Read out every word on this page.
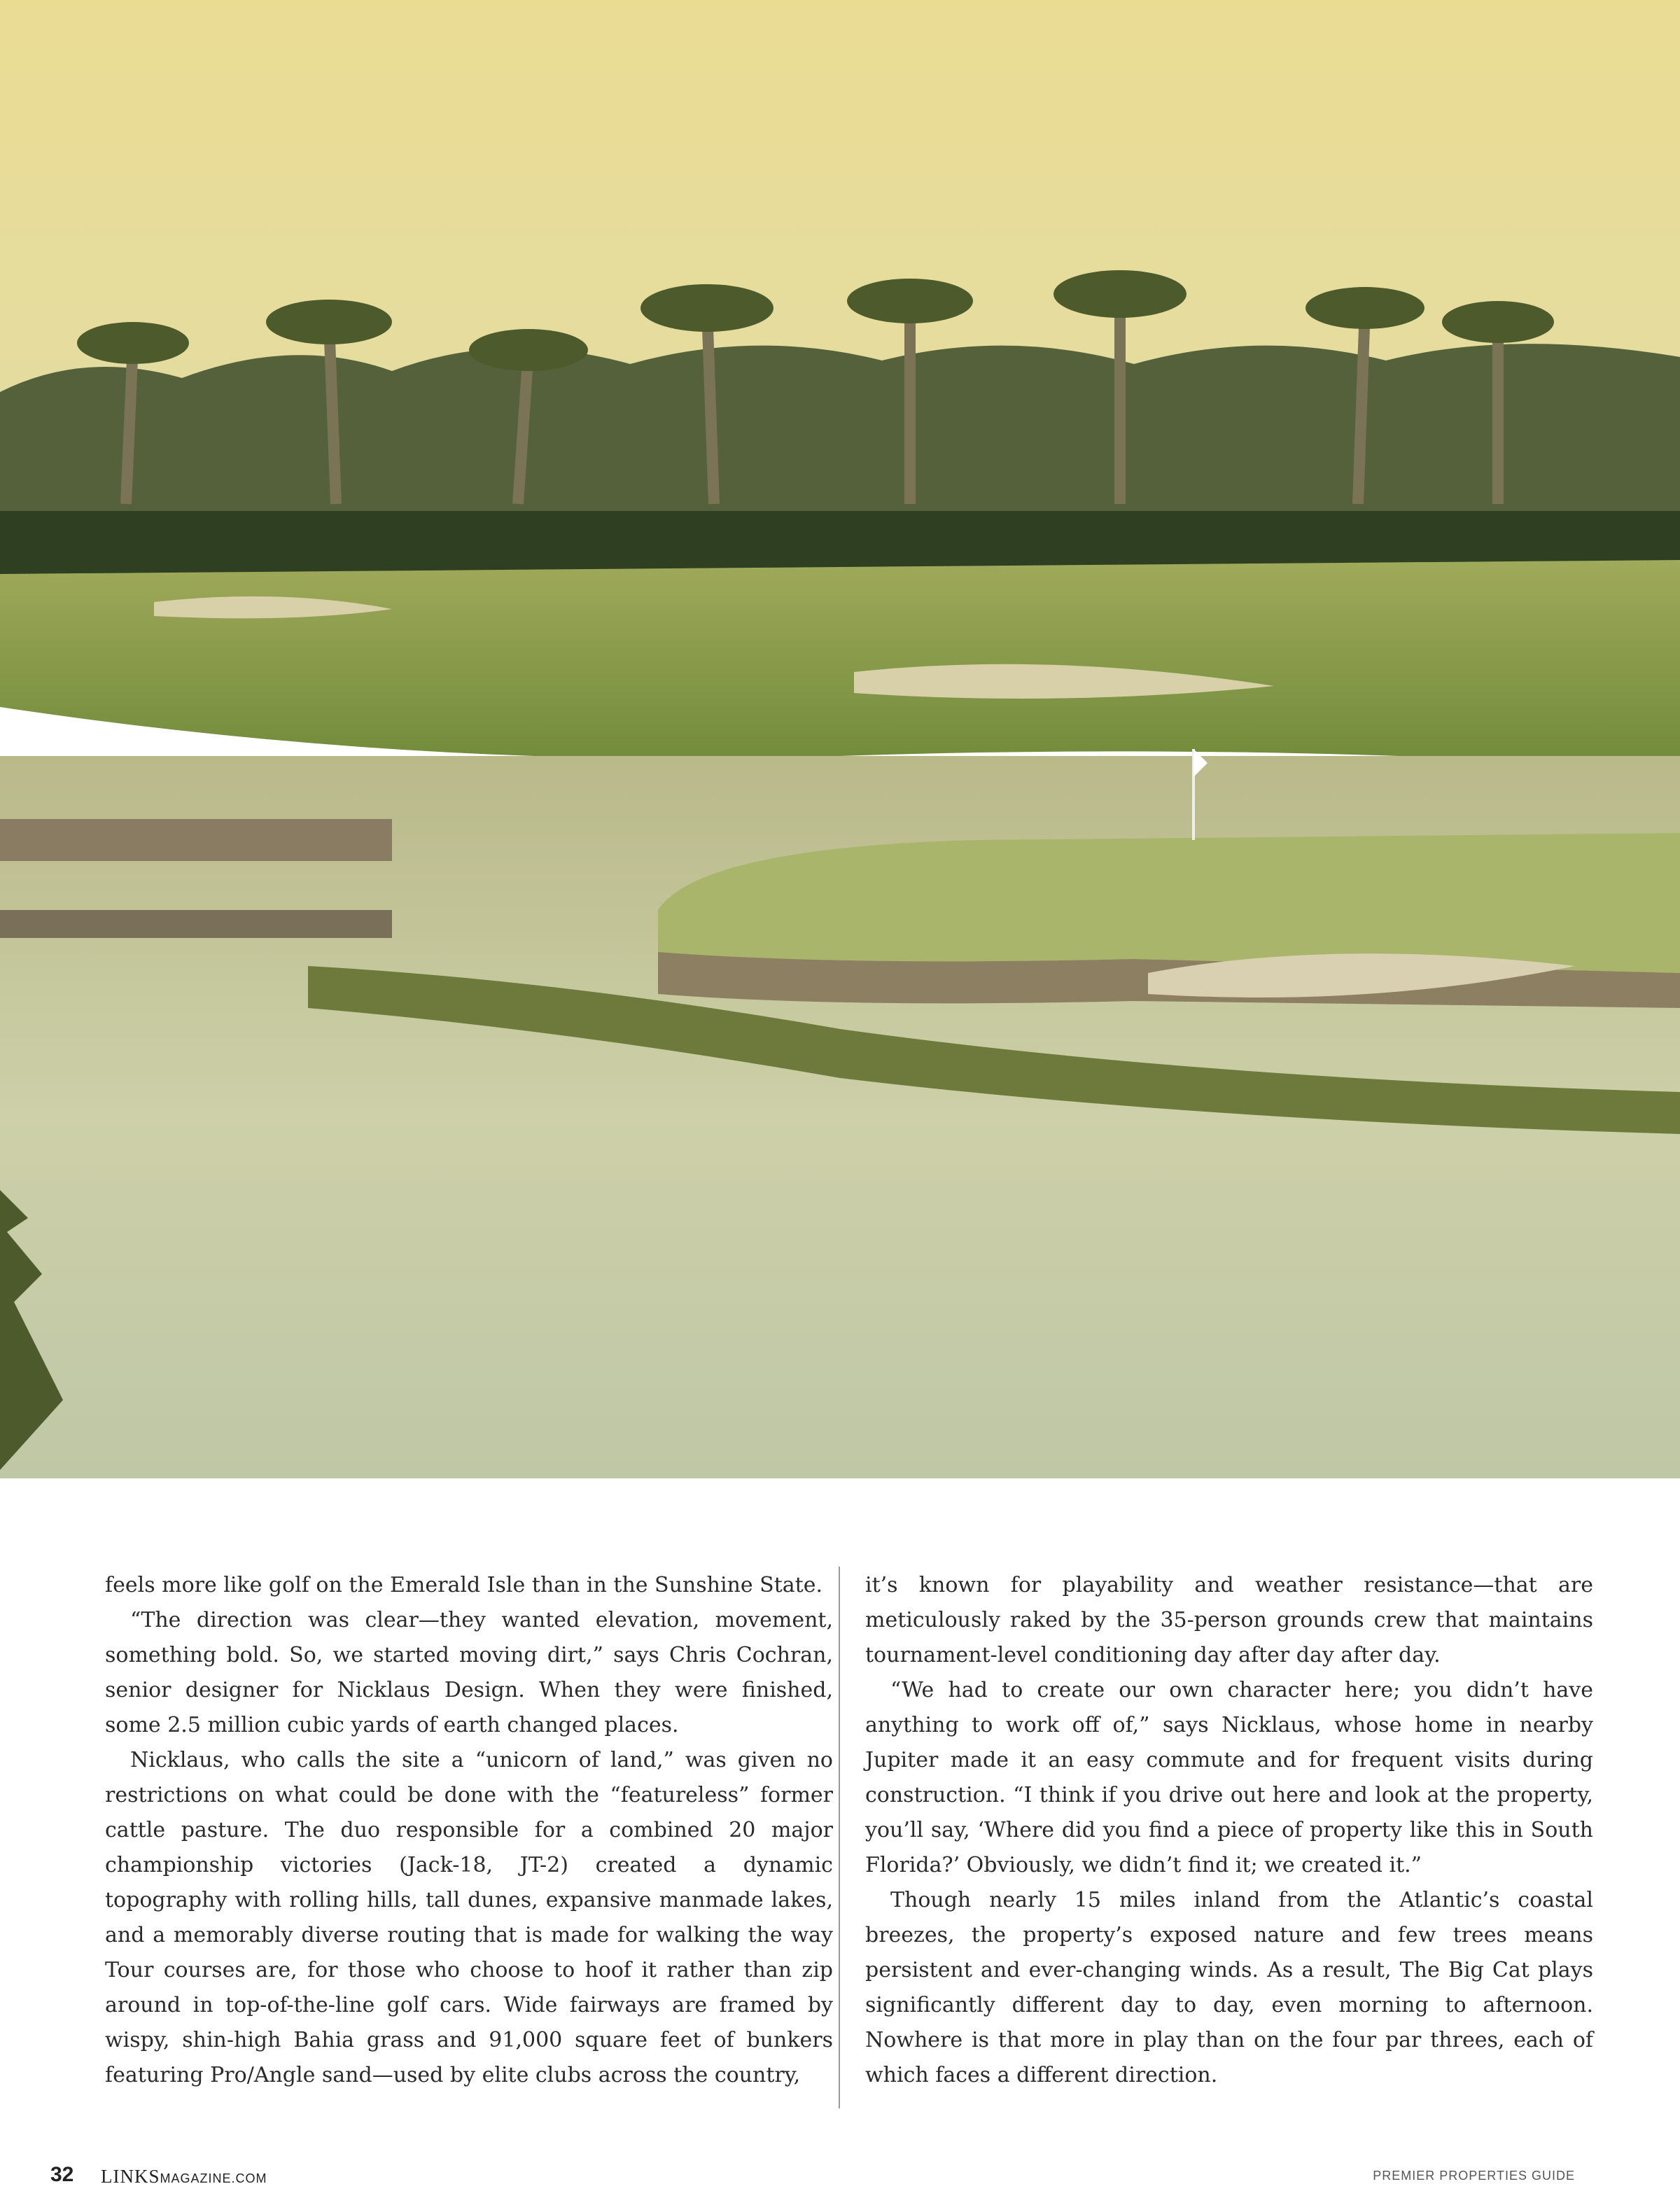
feels more like golf on the Emerald Isle than in the Sunshine State.

“The direction was clear—they wanted elevation, movement, something bold. So, we started moving dirt,” says Chris Cochran, senior designer for Nicklaus Design. When they were finished, some 2.5 million cubic yards of earth changed places.

Nicklaus, who calls the site a “unicorn of land,” was given no restrictions on what could be done with the “featureless” former cattle pasture. The duo responsible for a combined 20 major championship victories (Jack-18, JT-2) created a dynamic topography with rolling hills, tall dunes, expansive manmade lakes, and a memorably diverse routing that is made for walking the way Tour courses are, for those who choose to hoof it rather than zip around in top-of-the-line golf cars. Wide fairways are framed by wispy, shin-high Bahia grass and 91,000 square feet of bunkers featuring Pro/Angle sand—used by elite clubs across the country,

it’s known for playability and weather resistance—that are meticulously raked by the 35-person grounds crew that maintains tournament-level conditioning day after day after day.

“We had to create our own character here; you didn’t have anything to work off of,” says Nicklaus, whose home in nearby Jupiter made it an easy commute and for frequent visits during construction. “I think if you drive out here and look at the property, you’ll say, ‘Where did you find a piece of property like this in South Florida?’ Obviously, we didn’t find it; we created it.”

Though nearly 15 miles inland from the Atlantic’s coastal breezes, the property’s exposed nature and few trees means persistent and ever-changing winds. As a result, The Big Cat plays significantly different day to day, even morning to afternoon. Nowhere is that more in play than on the four par threes, each of which faces a different direction.

32 LINKSMAGAZINE.COM	PREMIER PROPERTIES GUIDE
